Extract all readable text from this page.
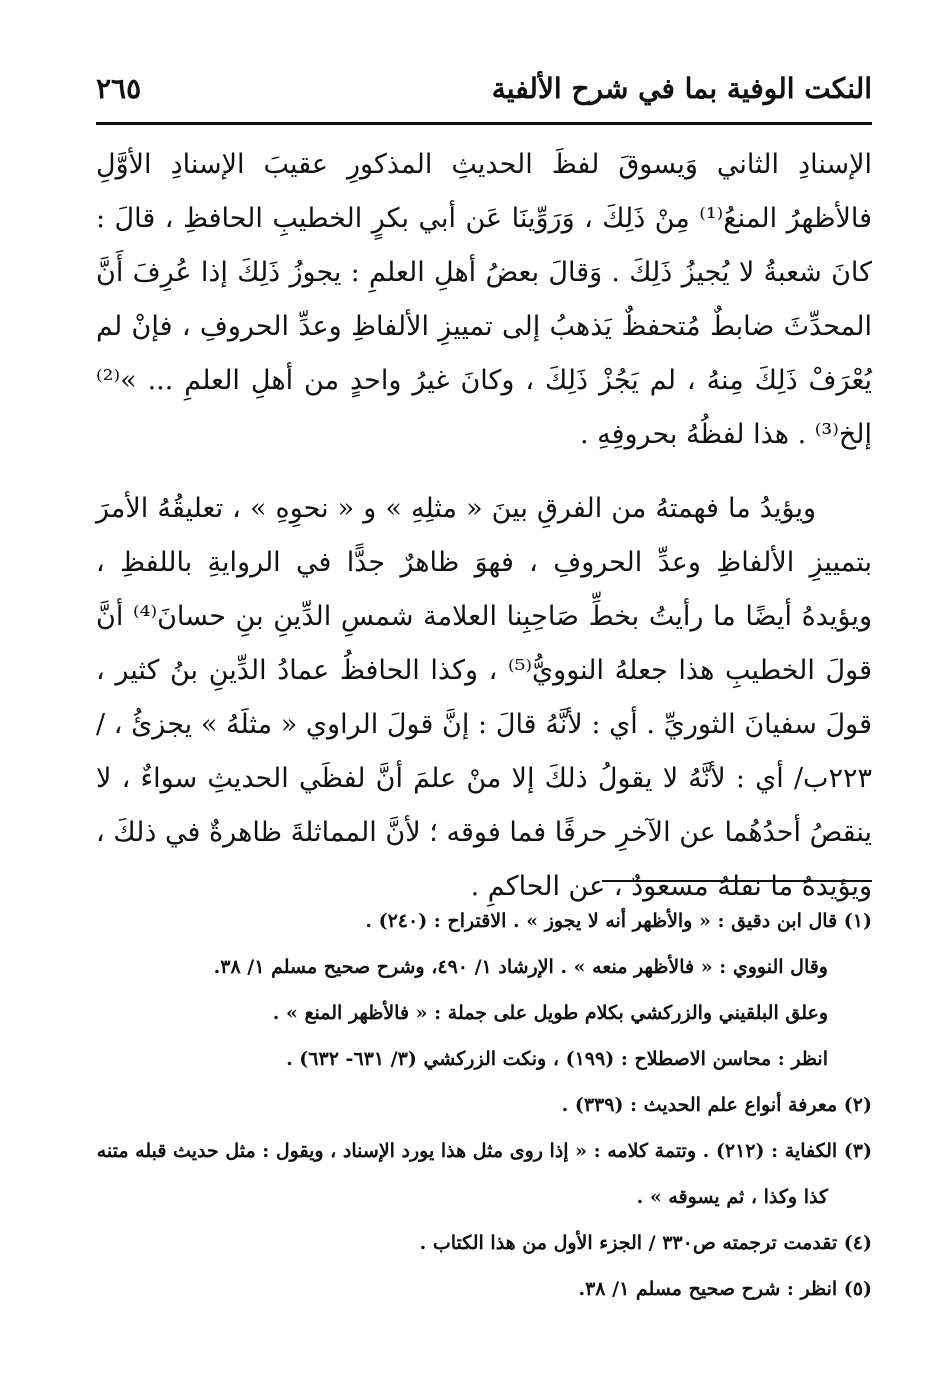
النكت الوفية بما في شرح الألفية
٢٦٥

الإسنادِ الثاني وَيسوقَ لفظَ الحديثِ المذكورِ عقيبَ الإسنادِ الأوَّلِ فالأظهرُ المنعُ⁽¹⁾ مِنْ ذَلِكَ ، وَرَوِّينَا عَن أبي بكرٍ الخطيبِ الحافظِ ، قالَ : كانَ شعبةُ لا يُجيزُ ذَلِكَ . وَقالَ بعضُ أهلِ العلمِ : يجوزُ ذَلِكَ إذا عُرِفَ أَنَّ المحدِّثَ ضابطٌ مُتحفظٌ يَذهبُ إلى تمييزِ الألفاظِ وعدِّ الحروفِ ، فإنْ لم يُعْرَفْ ذَلِكَ مِنهُ ، لم يَجُزْ ذَلِكَ ، وكانَ غيرُ واحدٍ من أهلِ العلمِ ... »⁽²⁾ إلخ⁽³⁾ . هذا لفظُهُ بحروفِهِ .

ويؤيدُ ما فهمتهُ من الفرقِ بينَ « مثلِهِ » و « نحوِهِ » ، تعليقُهُ الأمرَ بتمييزِ الألفاظِ وعدِّ الحروفِ ، فهوَ ظاهرٌ جدًّا في الروايةِ باللفظِ ، ويؤيدهُ أيضًا ما رأيتُ بخطِّ صَاحِبِنا العلامة شمسِ الدِّينِ بنِ حسانَ⁽⁴⁾ أنَّ قولَ الخطيبِ هذا جعلهُ النوويُّ⁽⁵⁾ ، وكذا الحافظُ عمادُ الدِّينِ بنُ كثير ، قولَ سفيانَ الثوريِّ . أي : لأنَّهُ قالَ : إنَّ قولَ الراوي « مثلَهُ » يجزئُ ، /٢٢٣ب/ أي : لأنَّهُ لا يقولُ ذلكَ إلا منْ علمَ أنَّ لفظَي الحديثِ سواءٌ ، لا ينقصُ أحدُهُما عن الآخرِ حرفًا فما فوقه ؛ لأنَّ المماثلةَ ظاهرةٌ في ذلكَ ، ويؤيدهُ ما نقلهُ مسعودٌ ، عن الحاكمِ .

(١) قال ابن دقيق : « والأظهر أنه لا يجوز » . الاقتراح : (٢٤٠) .
وقال النووي : « فالأظهر منعه » . الإرشاد ١/ ٤٩٠، وشرح صحيح مسلم ١/ ٣٨.
وعلق البلقيني والزركشي بكلام طويل على جملة : « فالأظهر المنع » .
انظر : محاسن الاصطلاح : (١٩٩) ، ونكت الزركشي (٣/ ٦٣١- ٦٣٢) .
(٢) معرفة أنواع علم الحديث : (٣٣٩) .
(٣) الكفاية : (٢١٢) . وتتمة كلامه : « إذا روى مثل هذا يورد الإسناد ، ويقول : مثل حديث قبله متنه كذا وكذا ، ثم يسوقه » .
(٤) تقدمت ترجمته ص٣٣٠ / الجزء الأول من هذا الكتاب .
(٥) انظر : شرح صحيح مسلم ١/ ٣٨.
